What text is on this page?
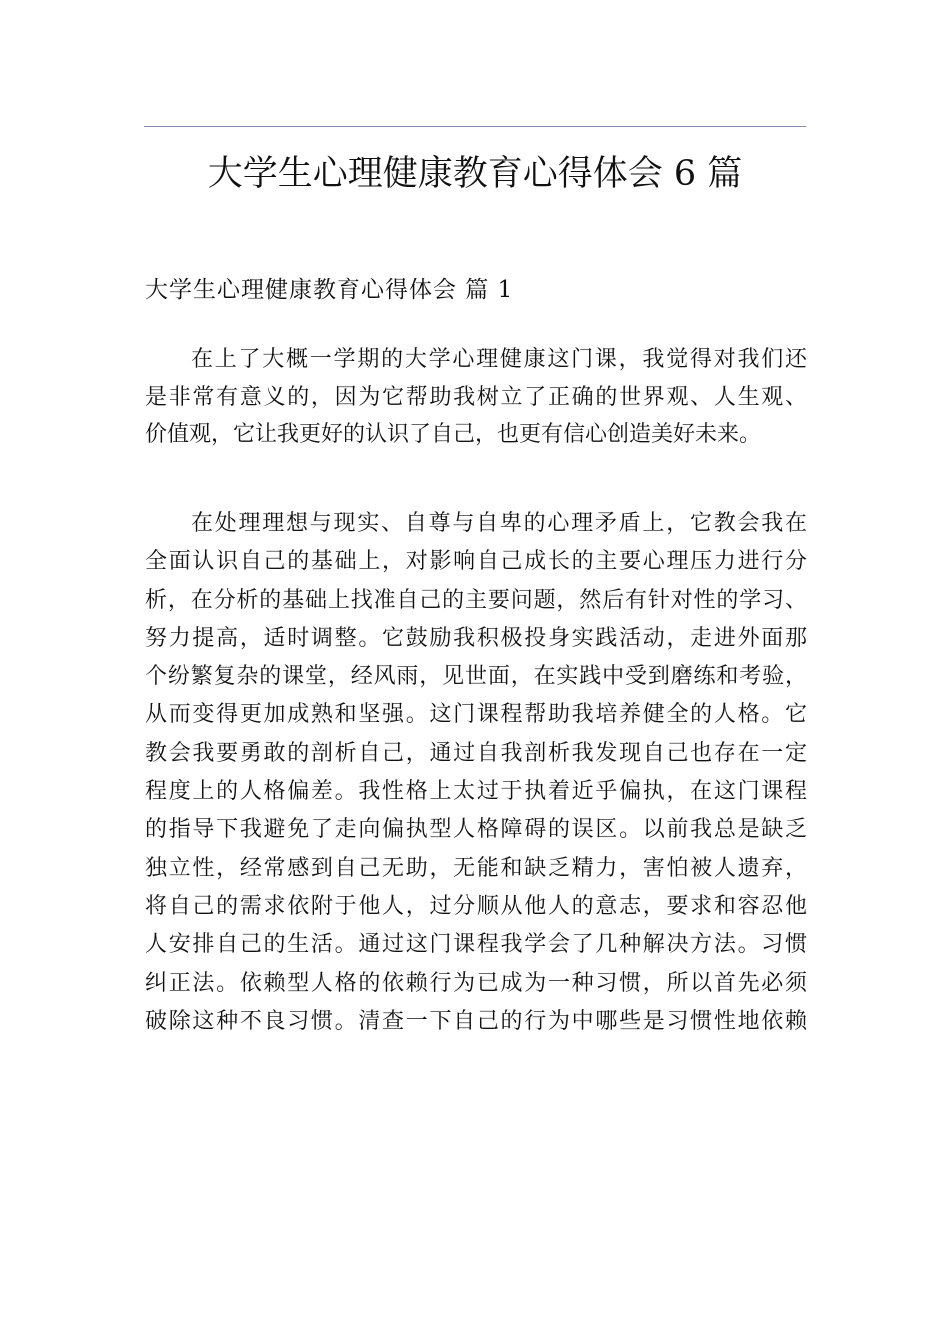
大学生心理健康教育心得体会 6 篇
大学生心理健康教育心得体会 篇 1
在上了大概一学期的大学心理健康这门课，我觉得对我们还
是非常有意义的，因为它帮助我树立了正确的世界观、人生观、
价值观，它让我更好的认识了自己，也更有信心创造美好未来。
在处理理想与现实、自尊与自卑的心理矛盾上，它教会我在
全面认识自己的基础上，对影响自己成长的主要心理压力进行分
析，在分析的基础上找准自己的主要问题，然后有针对性的学习、
努力提高，适时调整。它鼓励我积极投身实践活动，走进外面那
个纷繁复杂的课堂，经风雨，见世面，在实践中受到磨练和考验，
从而变得更加成熟和坚强。这门课程帮助我培养健全的人格。它
教会我要勇敢的剖析自己，通过自我剖析我发现自己也存在一定
程度上的人格偏差。我性格上太过于执着近乎偏执，在这门课程
的指导下我避免了走向偏执型人格障碍的误区。以前我总是缺乏
独立性，经常感到自己无助，无能和缺乏精力，害怕被人遗弃，
将自己的需求依附于他人，过分顺从他人的意志，要求和容忍他
人安排自己的生活。通过这门课程我学会了几种解决方法。习惯
纠正法。依赖型人格的依赖行为已成为一种习惯，所以首先必须
破除这种不良习惯。清查一下自己的行为中哪些是习惯性地依赖
